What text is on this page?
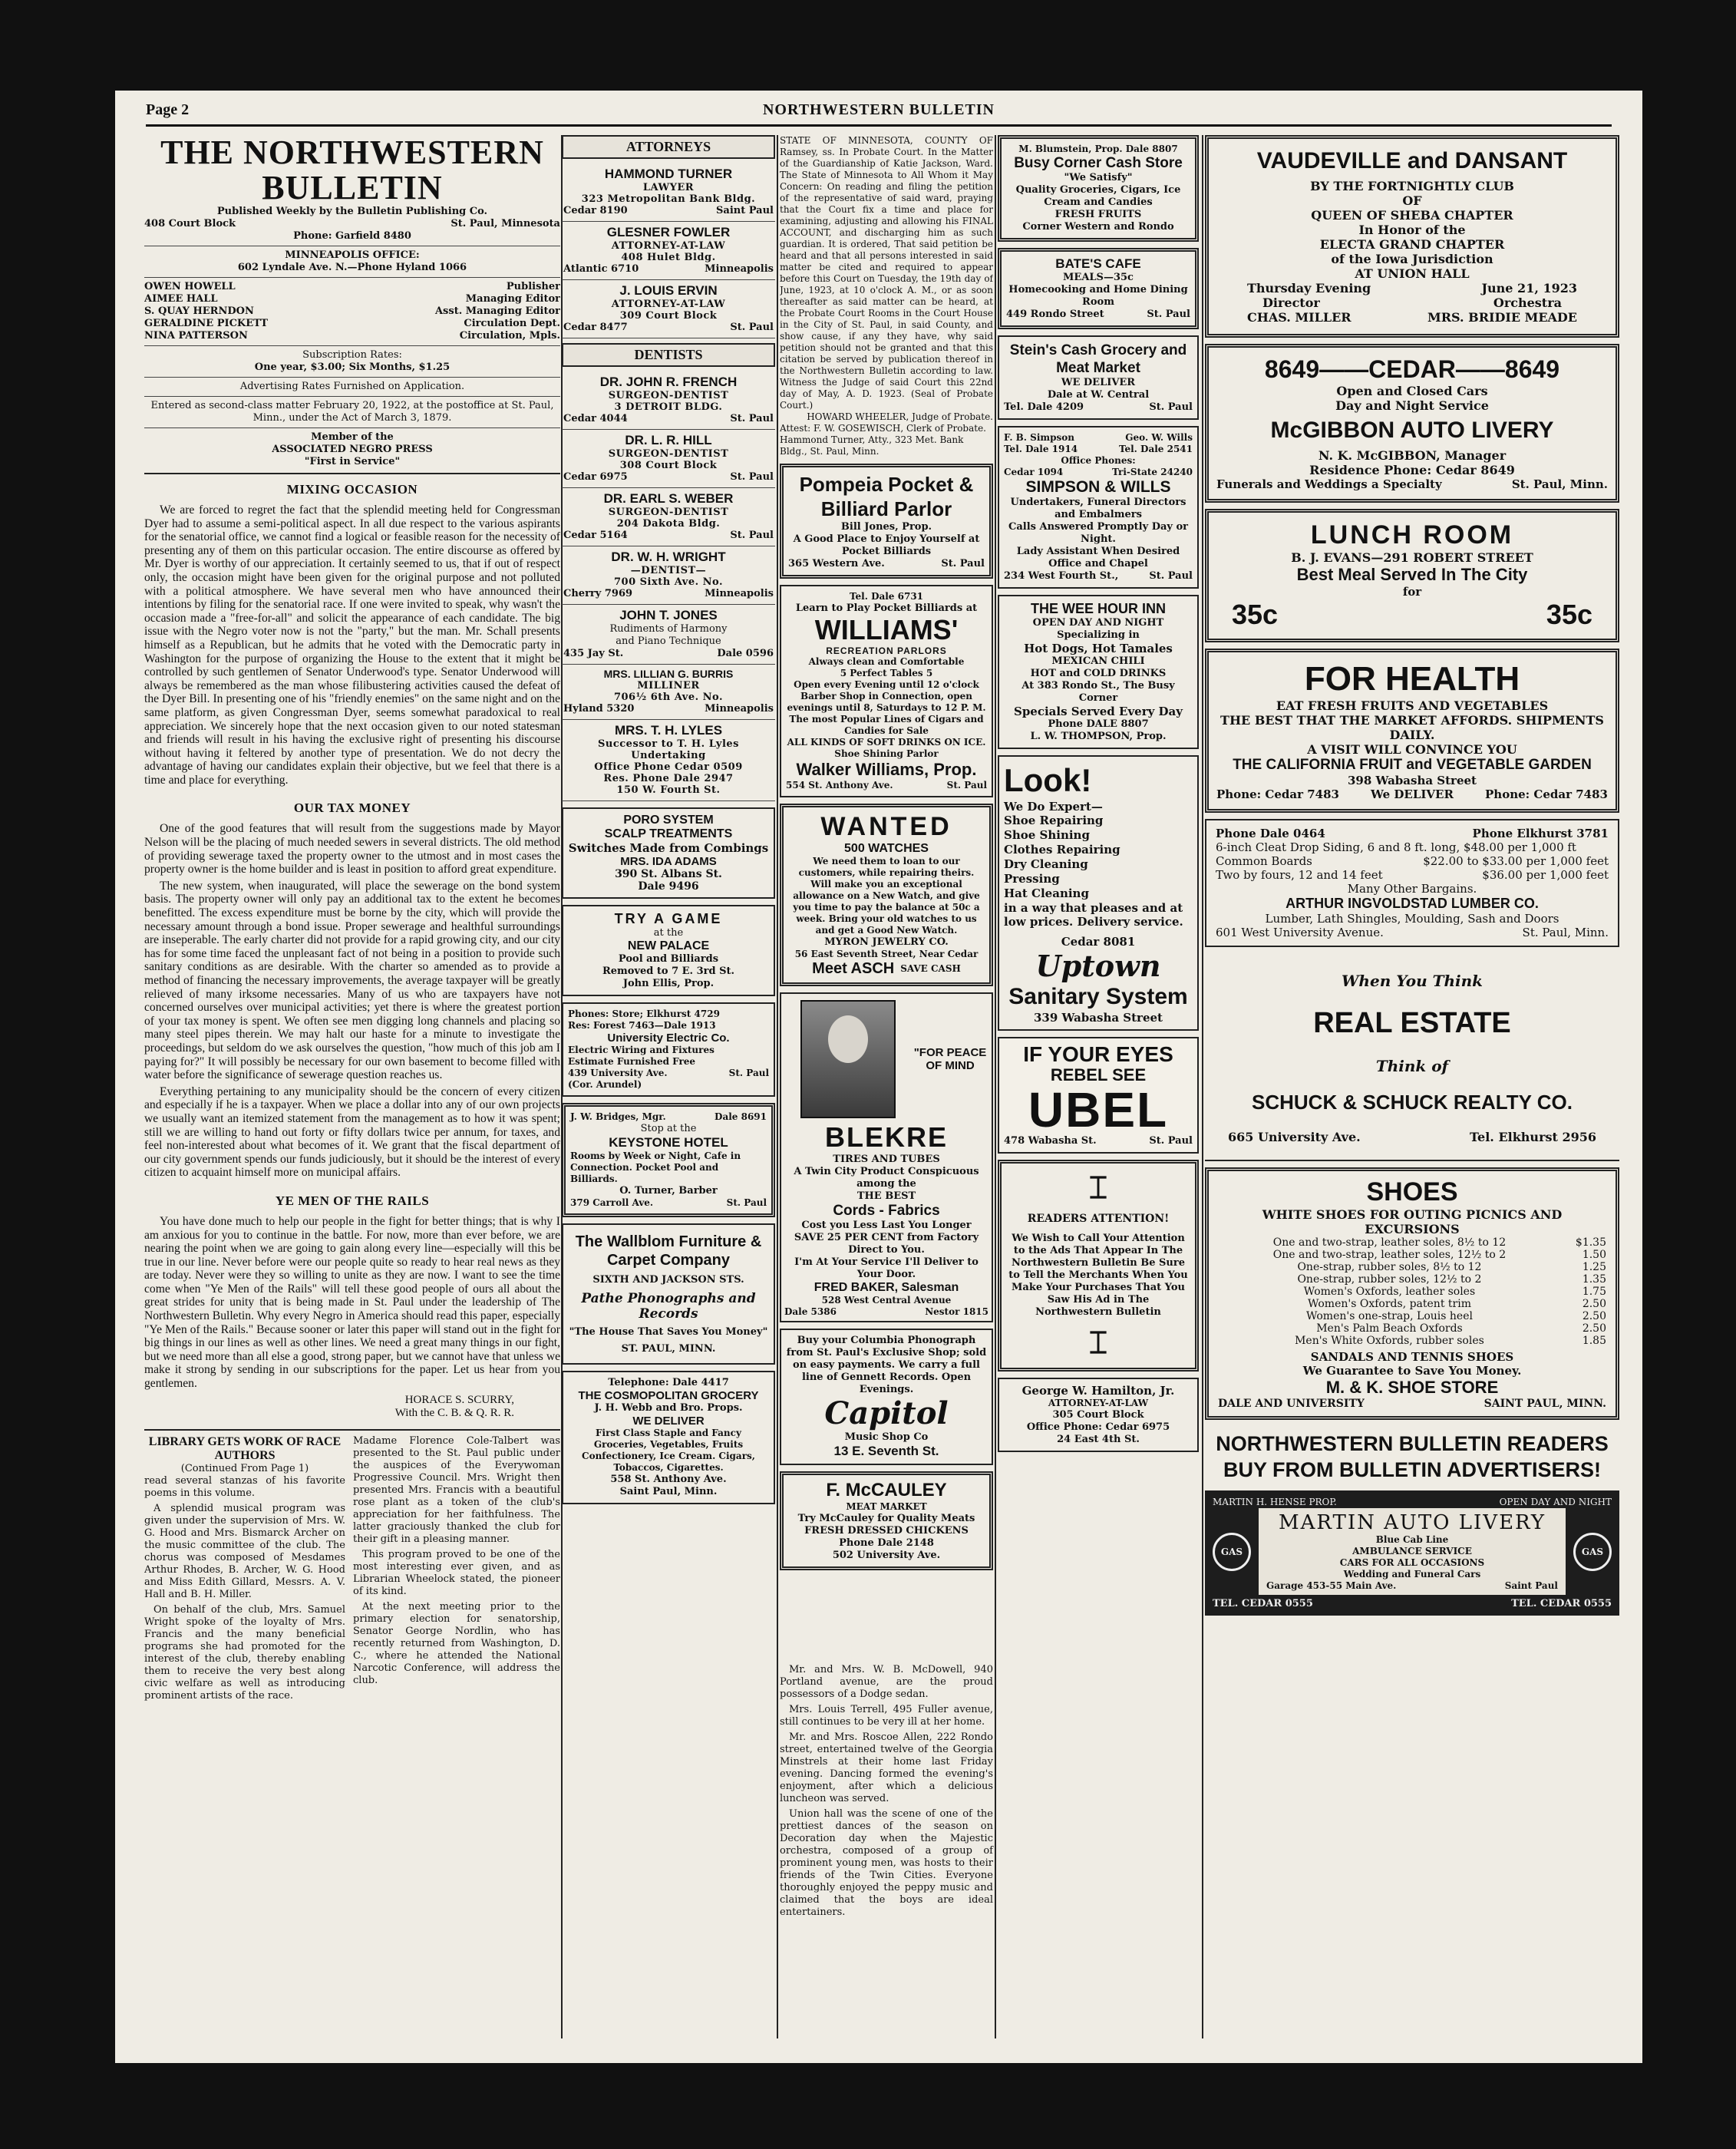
Page 2	NORTHWESTERN BULLETIN
THE NORTHWESTERN BULLETIN
Published Weekly by the Bulletin Publishing Co.
408 Court Block	St. Paul, Minnesota
Phone: Garfield 8480
MINNEAPOLIS OFFICE:
602 Lyndale Ave. N.—Phone Hyland 1066
OWEN HOWELL	Publisher
AIMEE HALL	Managing Editor
S. QUAY HERNDON	Asst. Managing Editor
GERALDINE PICKETT	Circulation Dept.
NINA PATTERSON	Circulation, Mpls.
Subscription Rates:
One year, $3.00; Six Months, $1.25
Advertising Rates Furnished on Application.
Entered as second-class matter February 20, 1922, at the postoffice at St. Paul, Minn., under the Act of March 3, 1879.
Member of the
ASSOCIATED NEGRO PRESS
"First in Service"
MIXING OCCASION

We are forced to regret the fact that the splendid meeting held for Congressman Dyer had to assume a semi-political aspect. In all due respect to the various aspirants for the senatorial office, we cannot find a logical or feasible reason for the necessity of presenting any of them on this particular occasion. The entire discourse as offered by Mr. Dyer is worthy of our appreciation. It certainly seemed to us, that if out of respect only, the occasion might have been given for the original purpose and not polluted with a political atmosphere. We have several men who have announced their intentions by filing for the senatorial race. If one were invited to speak, why wasn't the occasion made a "free-for-all" and solicit the appearance of each candidate. The big issue with the Negro voter now is not the "party," but the man. Mr. Schall presents himself as a Republican, but he admits that he voted with the Democratic party in Washington for the purpose of organizing the House to the extent that it might be controlled by such gentlemen of Senator Underwood's type. Senator Underwood will always be remembered as the man whose filibustering activities caused the defeat of the Dyer Bill. In presenting one of his "friendly enemies" on the same night and on the same platform, as given Congressman Dyer, seems somewhat paradoxical to real appreciation. We sincerely hope that the next occasion given to our noted statesman and friends will result in his having the exclusive right of presenting his discourse without having it feltered by another type of presentation. We do not decry the advantage of having our candidates explain their objective, but we feel that there is a time and place for everything.

OUR TAX MONEY

One of the good features that will result from the suggestions made by Mayor Nelson will be the placing of much needed sewers in several districts. The old method of providing sewerage taxed the property owner to the utmost and in most cases the property owner is the home builder and is least in position to afford great expenditure.

The new system, when inaugurated, will place the sewerage on the bond system basis. The property owner will only pay an additional tax to the extent he becomes benefitted. The excess expenditure must be borne by the city, which will provide the necessary amount through a bond issue. Proper sewerage and healthful surroundings are inseperable. The early charter did not provide for a rapid growing city, and our city has for some time faced the unpleasant fact of not being in a position to provide such sanitary conditions as are desirable. With the charter so amended as to provide a method of financing the necessary improvements, the average taxpayer will be greatly relieved of many irksome necessaries. Many of us who are taxpayers have not concerned ourselves over municipal activities; yet there is where the greatest portion of your tax money is spent. We often see men digging long channels and placing so many steel pipes therein. We may halt our haste for a minute to investigate the proceedings, but seldom do we ask ourselves the question, "how much of this job am I paying for?" It will possibly be necessary for our own basement to become filled with water before the significance of sewerage question reaches us.

Everything pertaining to any municipality should be the concern of every citizen and especially if he is a taxpayer. When we place a dollar into any of our own projects we usually want an itemized statement from the management as to how it was spent; still we are willing to hand out forty or fifty dollars twice per annum, for taxes, and feel non-interested about what becomes of it. We grant that the fiscal department of our city government spends our funds judiciously, but it should be the interest of every citizen to acquaint himself more on municipal affairs.

YE MEN OF THE RAILS

You have done much to help our people in the fight for better things; that is why I am anxious for you to continue in the battle. For now, more than ever before, we are nearing the point when we are going to gain along every line—especially will this be true in our line. Never before were our people quite so ready to hear real news as they are today. Never were they so willing to unite as they are now. I want to see the time come when "Ye Men of the Rails" will tell these good people of ours all about the great strides for unity that is being made in St. Paul under the leadership of The Northwestern Bulletin. Why every Negro in America should read this paper, especially "Ye Men of the Rails." Because sooner or later this paper will stand out in the fight for big things in our lines as well as other lines. We need a great many things in our fight, but we need more than all else a good, strong paper, but we cannot have that unless we make it strong by sending in our subscriptions for the paper. Let us hear from you gentlemen.

HORACE S. SCURRY,
With the C. B. & Q. R. R.
LIBRARY GETS WORK OF RACE AUTHORS
(Continued From Page 1)

read several stanzas of his favorite poems in this volume.

A splendid musical program was given under the supervision of Mrs. W. G. Hood and Mrs. Bismarck Archer on the music committee of the club. The chorus was composed of Mesdames Arthur Rhodes, B. Archer, W. G. Hood and Miss Edith Gillard, Messrs. A. V. Hall and B. H. Miller.

On behalf of the club, Mrs. Samuel Wright spoke of the loyalty of Mrs. Francis and the many beneficial programs she had promoted for the interest of the club, thereby enabling them to receive the very best along civic welfare as well as introducing prominent artists of the race.

Madame Florence Cole-Talbert was presented to the St. Paul public under the auspices of the Everywoman Progressive Council. Mrs. Wright then presented Mrs. Francis with a beautiful rose plant as a token of the club's appreciation for her faithfulness. The latter graciously thanked the club for their gift in a pleasing manner.

This program proved to be one of the most interesting ever given, and as Librarian Wheelock stated, the pioneer of its kind.

At the next meeting prior to the primary election for senatorship, Senator George Nordlin, who has recently returned from Washington, D. C., where he attended the National Narcotic Conference, will address the club.

ATTORNEYS
HAMMOND TURNER
LAWYER
323 Metropolitan Bank Bldg.
Cedar 8190	Saint Paul
GLESNER FOWLER
ATTORNEY-AT-LAW
408 Hulet Bldg.
Atlantic 6710	Minneapolis
J. LOUIS ERVIN
ATTORNEY-AT-LAW
309 Court Block
Cedar 8477	St. Paul
DENTISTS
DR. JOHN R. FRENCH
SURGEON-DENTIST
3 DETROIT BLDG.
Cedar 4044	St. Paul
DR. L. R. HILL
SURGEON-DENTIST
308 Court Block
Cedar 6975	St. Paul
DR. EARL S. WEBER
SURGEON-DENTIST
204 Dakota Bldg.
Cedar 5164	St. Paul
DR. W. H. WRIGHT
—DENTIST—
700 Sixth Ave. No.
Cherry 7969	Minneapolis
JOHN T. JONES
Rudiments of Harmony
and Piano Technique
435 Jay St.	Dale 0596
MRS. LILLIAN G. BURRIS
MILLINER
706½ 6th Ave. No.
Hyland 5320	Minneapolis
MRS. T. H. LYLES
Successor to T. H. Lyles Undertaking
Office Phone Cedar 0509
Res. Phone Dale 2947
150 W. Fourth St.
PORO SYSTEM
SCALP TREATMENTS
Switches Made from Combings
MRS. IDA ADAMS
390 St. Albans St.
Dale 9496
TRY A GAME
at the
NEW PALACE
Pool and Billiards
Removed to 7 E. 3rd St.
John Ellis, Prop.
Phones: Store; Elkhurst 4729
Res: Forest 7463—Dale 1913
University Electric Co.
Electric Wiring and Fixtures
Estimate Furnished Free
439 University Ave.	St. Paul
(Cor. Arundel)
J. W. Bridges, Mgr.	Dale 8691
Stop at the
KEYSTONE HOTEL
Rooms by Week or Night, Cafe in Connection. Pocket Pool and Billiards.
O. Turner, Barber
379 Carroll Ave.	St. Paul
The Wallblom Furniture & Carpet Company
SIXTH AND JACKSON STS.
Pathe Phonographs and Records
"The House That Saves You Money"
ST. PAUL, MINN.
Telephone: Dale 4417
THE COSMOPOLITAN GROCERY
J. H. Webb and Bro. Props.
WE DELIVER
First Class Staple and Fancy Groceries, Vegetables, Fruits Confectionery, Ice Cream. Cigars, Tobaccos, Cigarettes.
558 St. Anthony Ave.
Saint Paul, Minn.
STATE OF MINNESOTA, COUNTY OF Ramsey, ss. In Probate Court. In the Matter of the Guardianship of Katie Jackson, Ward. The State of Minnesota to All Whom it May Concern: On reading and filing the petition of the representative of said ward, praying that the Court fix a time and place for examining, adjusting and allowing his FINAL ACCOUNT, and discharging him as such guardian. It is ordered, That said petition be heard and that all persons interested in said matter be cited and required to appear before this Court on Tuesday, the 19th day of June, 1923, at 10 o'clock A. M., or as soon thereafter as said matter can be heard, at the Probate Court Rooms in the Court House in the City of St. Paul, in said County, and show cause, if any they have, why said petition should not be granted and that this citation be served by publication thereof in the Northwestern Bulletin according to law. Witness the Judge of said Court this 22nd day of May, A. D. 1923. (Seal of Probate Court.)
HOWARD WHEELER, Judge of Probate.
Attest: F. W. GOSEWISCH, Clerk of Probate.
Hammond Turner, Atty., 323 Met. Bank Bldg., St. Paul, Minn.
Pompeia Pocket & Billiard Parlor
Bill Jones, Prop.
A Good Place to Enjoy Yourself at Pocket Billiards
365 Western Ave.	St. Paul
Tel. Dale 6731
Learn to Play Pocket Billiards at
WILLIAMS'
RECREATION PARLORS
Always clean and Comfortable
5 Perfect Tables 5
Open every Evening until 12 o'clock
Barber Shop in Connection, open evenings until 8, Saturdays to 12 P. M.
The most Popular Lines of Cigars and Candies for Sale
ALL KINDS OF SOFT DRINKS ON ICE.
Shoe Shining Parlor
Walker Williams, Prop.
554 St. Anthony Ave.	St. Paul
WANTED
500 WATCHES
We need them to loan to our customers, while repairing theirs. Will make you an exceptional allowance on a New Watch, and give you time to pay the balance at 50c a week. Bring your old watches to us and get a Good New Watch.
MYRON JEWELRY CO.
56 East Seventh Street, Near Cedar
Meet ASCH SAVE CASH
"FOR PEACE OF MIND
BLEKRE
TIRES AND TUBES
A Twin City Product Conspicuous among the
THE BEST
Cords - Fabrics
Cost you Less Last You Longer
SAVE 25 PER CENT from Factory Direct to You.
I'm At Your Service I'll Deliver to Your Door.
FRED BAKER, Salesman
528 West Central Avenue
Dale 5386	Nestor 1815
Buy your Columbia Phonograph from St. Paul's Exclusive Shop; sold on easy payments. We carry a full line of Gennett Records. Open Evenings.
Capitol
Music Shop Co
13 E. Seventh St.
F. McCAULEY
MEAT MARKET
Try McCauley for Quality Meats
FRESH DRESSED CHICKENS
Phone Dale 2148
502 University Ave.

Mr. and Mrs. W. B. McDowell, 940 Portland avenue, are the proud possessors of a Dodge sedan.

Mrs. Louis Terrell, 495 Fuller avenue, still continues to be very ill at her home.

Mr. and Mrs. Roscoe Allen, 222 Rondo street, entertained twelve of the Georgia Minstrels at their home last Friday evening. Dancing formed the evening's enjoyment, after which a delicious luncheon was served.

Union hall was the scene of one of the prettiest dances of the season on Decoration day when the Majestic orchestra, composed of a group of prominent young men, was hosts to their friends of the Twin Cities. Everyone thoroughly enjoyed the peppy music and claimed that the boys are ideal entertainers.

M. Blumstein, Prop. Dale 8807
Busy Corner Cash Store
"We Satisfy"
Quality Groceries, Cigars, Ice Cream and Candies
FRESH FRUITS
Corner Western and Rondo
BATE'S CAFE
MEALS—35c
Homecooking and Home Dining Room
449 Rondo Street	St. Paul
Stein's Cash Grocery and Meat Market
WE DELIVER
Dale at W. Central
Tel. Dale 4209	St. Paul
F. B. Simpson	Geo. W. Wills
Tel. Dale 1914	Tel. Dale 2541
Office Phones:
Cedar 1094	Tri-State 24240
SIMPSON & WILLS
Undertakers, Funeral Directors and Embalmers
Calls Answered Promptly Day or Night.
Lady Assistant When Desired
Office and Chapel
234 West Fourth St.,	St. Paul
THE WEE HOUR INN
OPEN DAY AND NIGHT
Specializing in
Hot Dogs, Hot Tamales
MEXICAN CHILI
HOT and COLD DRINKS
At 383 Rondo St., The Busy Corner
Specials Served Every Day
Phone DALE 8807
L. W. THOMPSON, Prop.
Look!
We Do Expert—
Shoe Repairing
Shoe Shining
Clothes Repairing
Dry Cleaning
Pressing
Hat Cleaning
in a way that pleases and at low prices. Delivery service.
Cedar 8081
Uptown
Sanitary System
339 Wabasha Street
IF YOUR EYES
REBEL SEE
UBEL
478 Wabasha St.	St. Paul
⌶
READERS ATTENTION!
We Wish to Call Your Attention to the Ads That Appear In The Northwestern Bulletin Be Sure to Tell the Merchants When You Make Your Purchases That You Saw His Ad in The Northwestern Bulletin
⌶
George W. Hamilton, Jr.
ATTORNEY-AT-LAW
305 Court Block
Office Phone: Cedar 6975
24 East 4th St.
VAUDEVILLE and DANSANT
BY THE FORTNIGHTLY CLUB
OF
QUEEN OF SHEBA CHAPTER
In Honor of the
ELECTA GRAND CHAPTER
of the Iowa Jurisdiction
AT UNION HALL
Thursday Evening	June 21, 1923
Director	Orchestra
CHAS. MILLER	MRS. BRIDIE MEADE
8649——CEDAR——8649
Open and Closed Cars
Day and Night Service
McGIBBON AUTO LIVERY
N. K. McGIBBON, Manager
Residence Phone: Cedar 8649
Funerals and Weddings a Specialty	St. Paul, Minn.
LUNCH ROOM
B. J. EVANS—291 ROBERT STREET
Best Meal Served In The City
for
35c	35c
FOR HEALTH
EAT FRESH FRUITS AND VEGETABLES
THE BEST THAT THE MARKET AFFORDS. SHIPMENTS DAILY.
A VISIT WILL CONVINCE YOU
THE CALIFORNIA FRUIT and VEGETABLE GARDEN
398 Wabasha Street
Phone: Cedar 7483	We DELIVER	Phone: Cedar 7483
Phone Dale 0464	Phone Elkhurst 3781
6-inch Cleat Drop Siding, 6 and 8 ft. long, $48.00 per 1,000 ft
Common Boards	$22.00 to $33.00 per 1,000 feet
Two by fours, 12 and 14 feet	$36.00 per 1,000 feet
Many Other Bargains.
ARTHUR INGVOLDSTAD LUMBER CO.
Lumber, Lath Shingles, Moulding, Sash and Doors
601 West University Avenue.	St. Paul, Minn.
When You Think
REAL ESTATE
Think of
SCHUCK & SCHUCK REALTY CO.
665 University Ave.	Tel. Elkhurst 2956
SHOES
WHITE SHOES FOR OUTING PICNICS AND EXCURSIONS
One and two-strap, leather soles, 8½ to 12	$1.35
One and two-strap, leather soles, 12½ to 2	1.50
One-strap, rubber soles, 8½ to 12	1.25
One-strap, rubber soles, 12½ to 2	1.35
Women's Oxfords, leather soles	1.75
Women's Oxfords, patent trim	2.50
Women's one-strap, Louis heel	2.50
Men's Palm Beach Oxfords	2.50
Men's White Oxfords, rubber soles	1.85
SANDALS AND TENNIS SHOES
We Guarantee to Save You Money.
M. & K. SHOE STORE
DALE AND UNIVERSITY	SAINT PAUL, MINN.
NORTHWESTERN BULLETIN READERS
BUY FROM BULLETIN ADVERTISERS!
MARTIN H. HENSE PROP.	OPEN DAY AND NIGHT
GAS
MARTIN AUTO LIVERY
Blue Cab Line
AMBULANCE SERVICE
CARS FOR ALL OCCASIONS
Wedding and Funeral Cars
Garage 453-55 Main Ave.	Saint Paul
GAS
TEL. CEDAR 0555	TEL. CEDAR 0555
